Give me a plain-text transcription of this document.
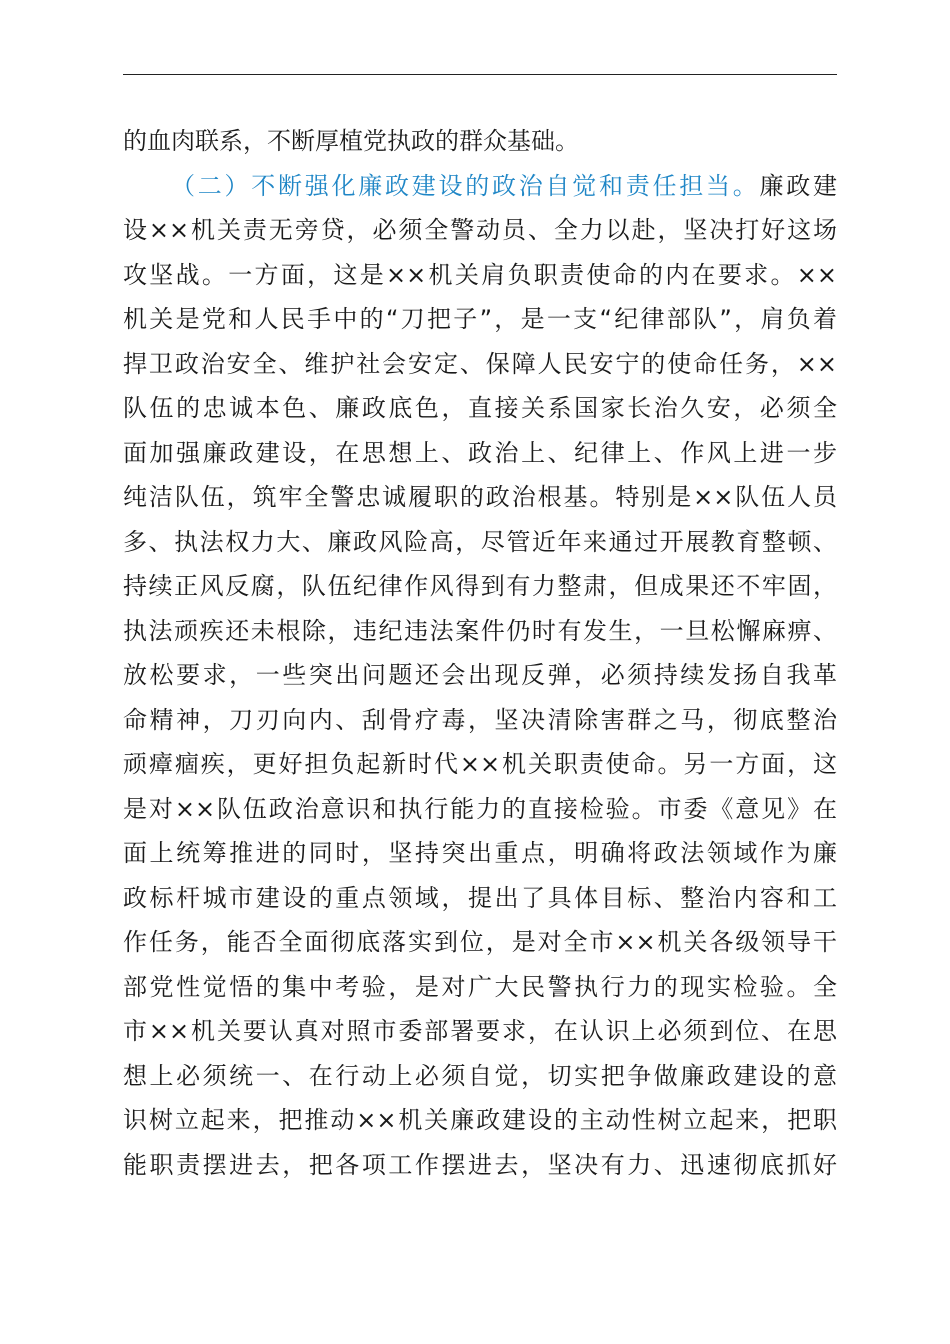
的血肉联系，不断厚植党执政的群众基础。
（二）不断强化廉政建设的政治自觉和责任担当。廉政建
设××机关责无旁贷，必须全警动员、全力以赴，坚决打好这场
攻坚战。一方面，这是××机关肩负职责使命的内在要求。××
机关是党和人民手中的“刀把子”，是一支“纪律部队”，肩负着
捍卫政治安全、维护社会安定、保障人民安宁的使命任务，××
队伍的忠诚本色、廉政底色，直接关系国家长治久安，必须全
面加强廉政建设，在思想上、政治上、纪律上、作风上进一步
纯洁队伍，筑牢全警忠诚履职的政治根基。特别是××队伍人员
多、执法权力大、廉政风险高，尽管近年来通过开展教育整顿、
持续正风反腐，队伍纪律作风得到有力整肃，但成果还不牢固，
执法顽疾还未根除，违纪违法案件仍时有发生，一旦松懈麻痹、
放松要求，一些突出问题还会出现反弹，必须持续发扬自我革
命精神，刀刃向内、刮骨疗毒，坚决清除害群之马，彻底整治
顽瘴痼疾，更好担负起新时代××机关职责使命。另一方面，这
是对××队伍政治意识和执行能力的直接检验。市委《意见》在
面上统筹推进的同时，坚持突出重点，明确将政法领域作为廉
政标杆城市建设的重点领域，提出了具体目标、整治内容和工
作任务，能否全面彻底落实到位，是对全市××机关各级领导干
部党性觉悟的集中考验，是对广大民警执行力的现实检验。全
市××机关要认真对照市委部署要求，在认识上必须到位、在思
想上必须统一、在行动上必须自觉，切实把争做廉政建设的意
识树立起来，把推动××机关廉政建设的主动性树立起来，把职
能职责摆进去，把各项工作摆进去，坚决有力、迅速彻底抓好
